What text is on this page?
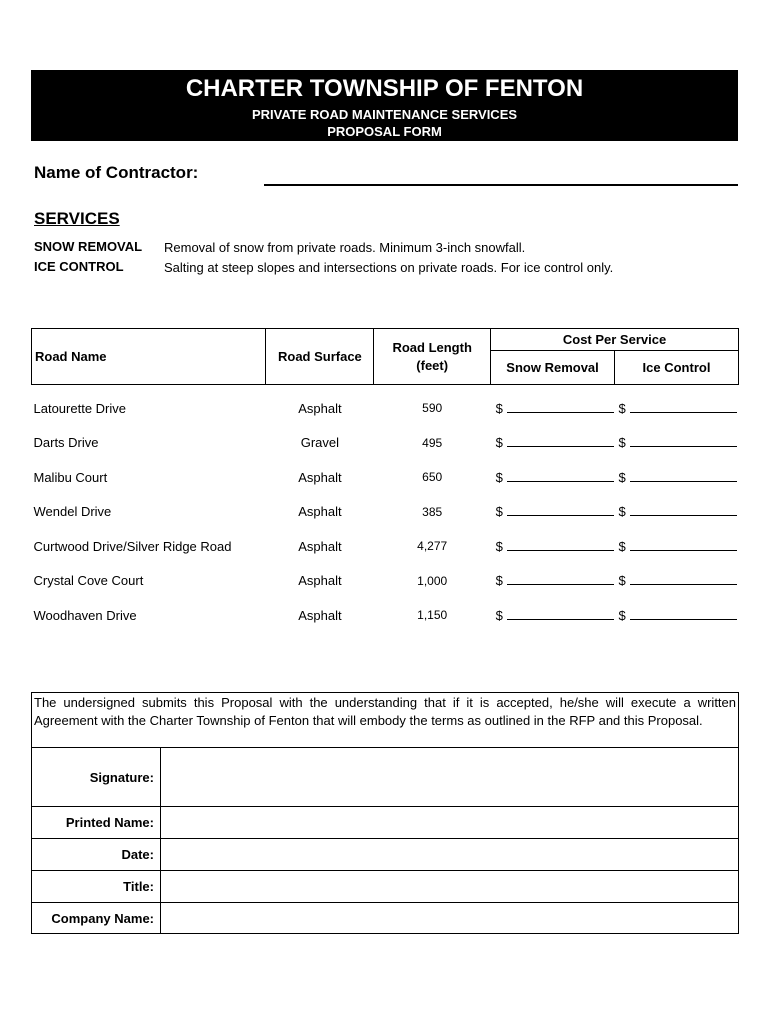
CHARTER TOWNSHIP OF FENTON
PRIVATE ROAD MAINTENANCE SERVICES
PROPOSAL FORM
Name of Contractor:
SERVICES
SNOW REMOVAL Removal of snow from private roads. Minimum 3-inch snowfall.
ICE CONTROL	Salting at steep slopes and intersections on private roads. For ice control only.
Road Name	Road Surface	Road Length
(feet)	Cost Per Service	
			Snow Removal	Ice Control
Latourette Drive	Asphalt	590	$	$
Darts Drive	Gravel	495	$	$
Malibu Court	Asphalt	650	$	$
Wendel Drive	Asphalt	385	$	$
Curtwood Drive/Silver Ridge Road	Asphalt	4,277	$	$
Crystal Cove Court	Asphalt	1,000	$	$
Woodhaven Drive	Asphalt	1,150	$	$
The undersigned submits this Proposal with the understanding that if it is accepted, he/she will execute a written Agreement with the Charter Township of Fenton that will embody the terms as outlined in the RFP and this Proposal.
Signature:
Printed Name:
Date:
Title:
Company Name:
